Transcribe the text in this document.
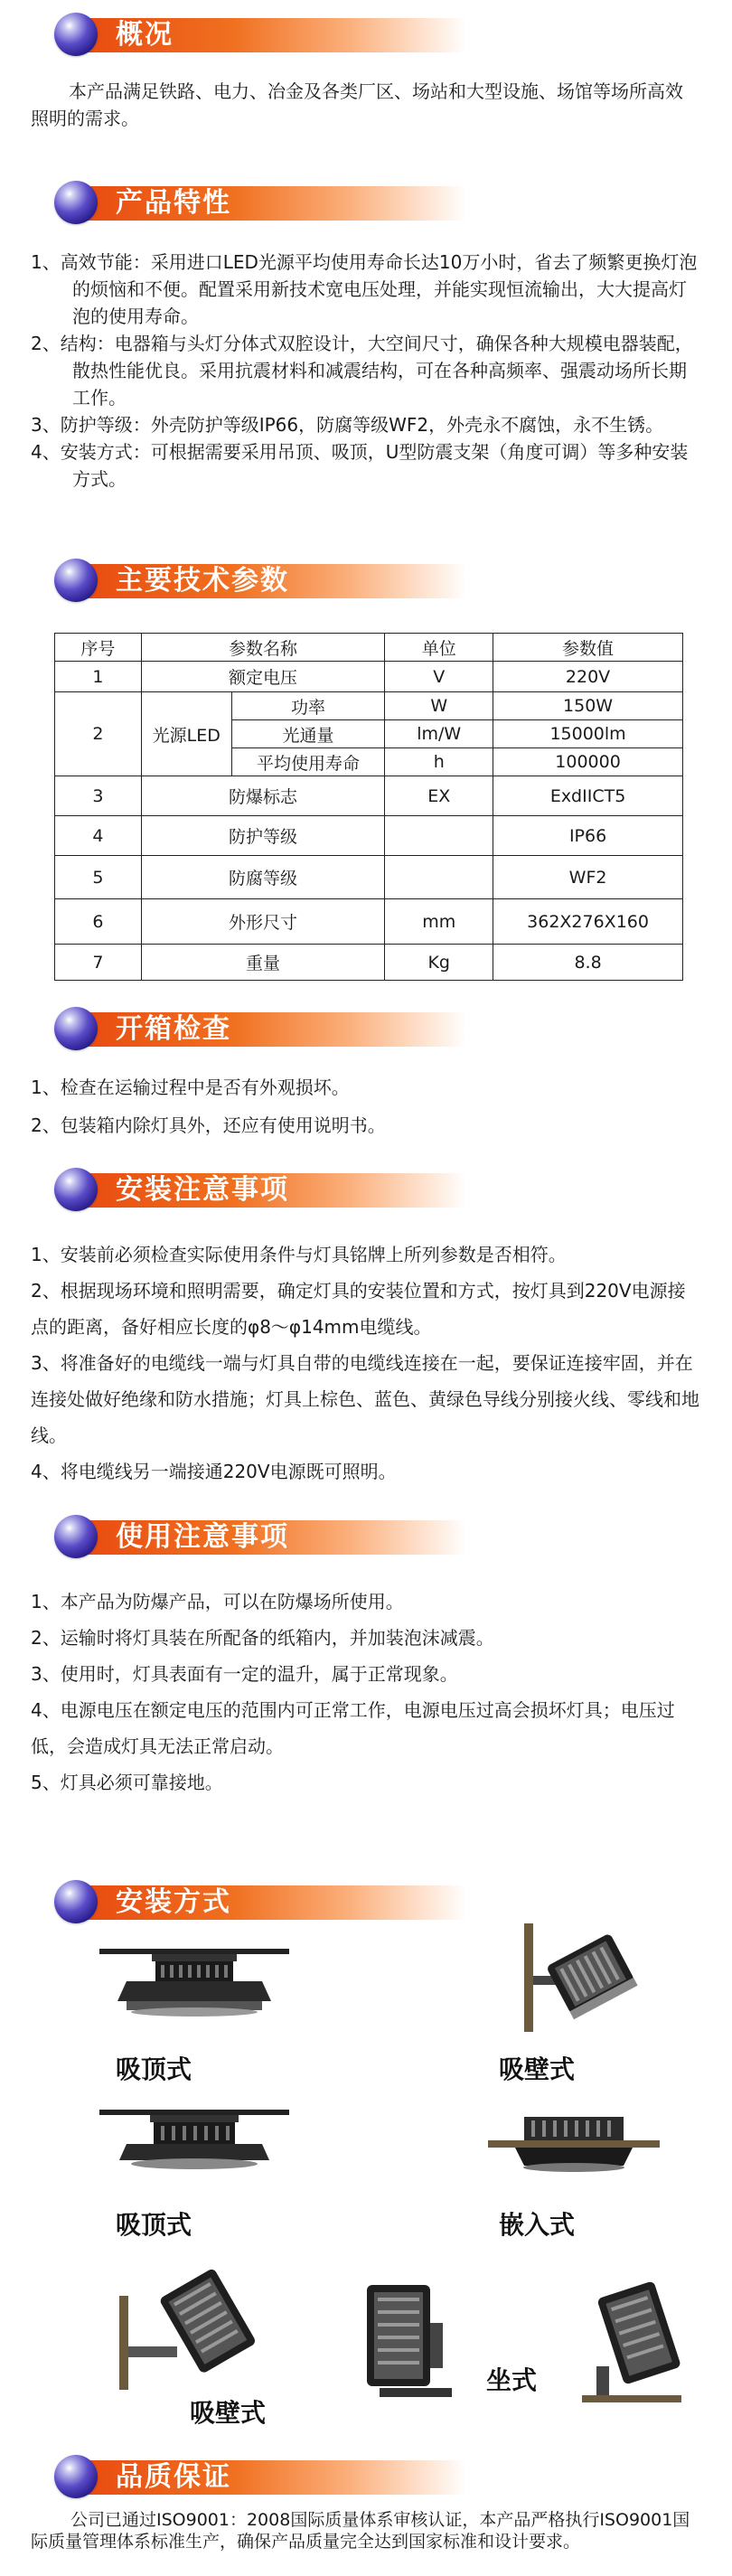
概况
本产品满足铁路、电力、冶金及各类厂区、场站和大型设施、场馆等场所高效照明的需求。
产品特性

1、高效节能：采用进口LED光源平均使用寿命长达10万小时，省去了频繁更换灯泡的烦恼和不便。配置采用新技术宽电压处理，并能实现恒流输出，大大提高灯泡的使用寿命。

2、结构：电器箱与头灯分体式双腔设计，大空间尺寸，确保各种大规模电器装配，散热性能优良。采用抗震材料和减震结构，可在各种高频率、强震动场所长期工作。

3、防护等级：外壳防护等级IP66，防腐等级WF2，外壳永不腐蚀，永不生锈。

4、安装方式：可根据需要采用吊顶、吸顶，U型防震支架（角度可调）等多种安装方式。

主要技术参数
序号	参数名称		单位	参数值
1	额定电压		V	220V
2	光源LED	功率	W	150W
		光通量	lm/W	15000lm
		平均使用寿命	h	100000
3	防爆标志		EX	ExdIICT5
4	防护等级			IP66
5	防腐等级			WF2
6	外形尺寸		mm	362X276X160
7	重量		Kg	8.8
开箱检查

1、检查在运输过程中是否有外观损坏。

2、包装箱内除灯具外，还应有使用说明书。

安装注意事项

1、安装前必须检查实际使用条件与灯具铭牌上所列参数是否相符。

2、根据现场环境和照明需要，确定灯具的安装位置和方式，按灯具到220V电源接点的距离，备好相应长度的φ8～φ14mm电缆线。

3、将准备好的电缆线一端与灯具自带的电缆线连接在一起，要保证连接牢固，并在连接处做好绝缘和防水措施；灯具上棕色、蓝色、黄绿色导线分别接火线、零线和地线。

4、将电缆线另一端接通220V电源既可照明。

使用注意事项

1、本产品为防爆产品，可以在防爆场所使用。

2、运输时将灯具装在所配备的纸箱内，并加装泡沫减震。

3、使用时，灯具表面有一定的温升，属于正常现象。

4、电源电压在额定电压的范围内可正常工作，电源电压过高会损坏灯具；电压过低，会造成灯具无法正常启动。

5、灯具必须可靠接地。

安装方式
吸顶式	吸壁式
吸顶式	嵌入式
吸壁式
坐式
品质保证
公司已通过ISO9001：2008国际质量体系审核认证，本产品严格执行ISO9001国际质量管理体系标准生产，确保产品质量完全达到国家标准和设计要求。
